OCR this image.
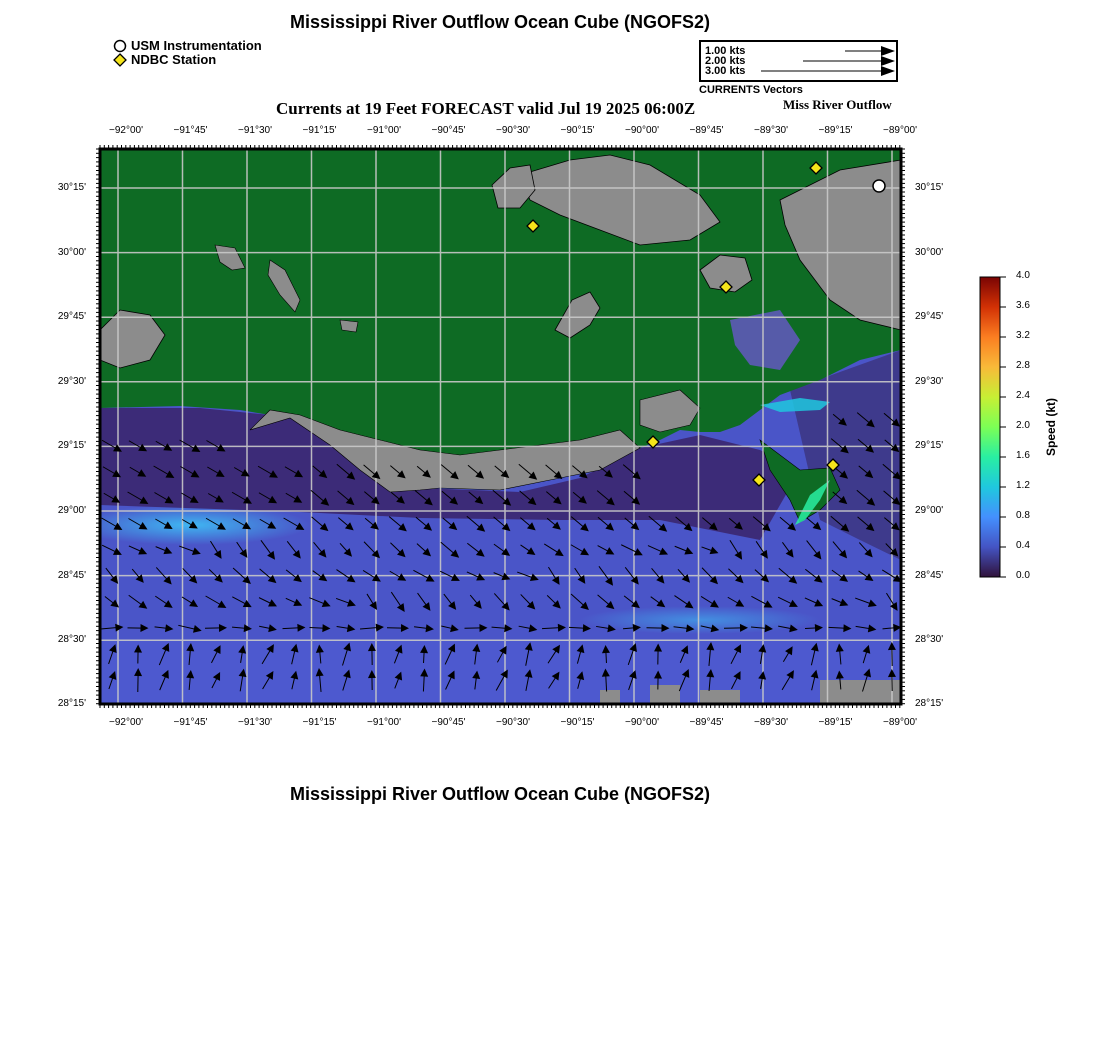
Mississippi River Outflow Ocean Cube (NGOFS2)
USM Instrumentation
NDBC Station
1.00 kts
2.00 kts
3.00 kts
CURRENTS Vectors
Currents at 19 Feet FORECAST valid Jul 19 2025 06:00Z	Miss River Outflow
−92°00'	−91°45'	−91°30'	−91°15'	−91°00'	−90°45'	−90°30'	−90°15'	−90°00'	−89°45'	−89°30'	−89°15'	−89°00'
−92°00'	−91°45'	−91°30'	−91°15'	−91°00'	−90°45'	−90°30'	−90°15'	−90°00'	−89°45'	−89°30'	−89°15'	−89°00'
30°15'
30°00'
29°45'
29°30'
29°15'
29°00'
28°45'
28°30'
28°15'
30°15'
30°00'
29°45'
29°30'
29°15'
29°00'
28°45'
28°30'
28°15'
4.0
3.6
3.2
2.8
2.4
2.0
1.6
1.2
0.8
0.4
0.0
Speed (kt)
Mississippi River Outflow Ocean Cube (NGOFS2)
